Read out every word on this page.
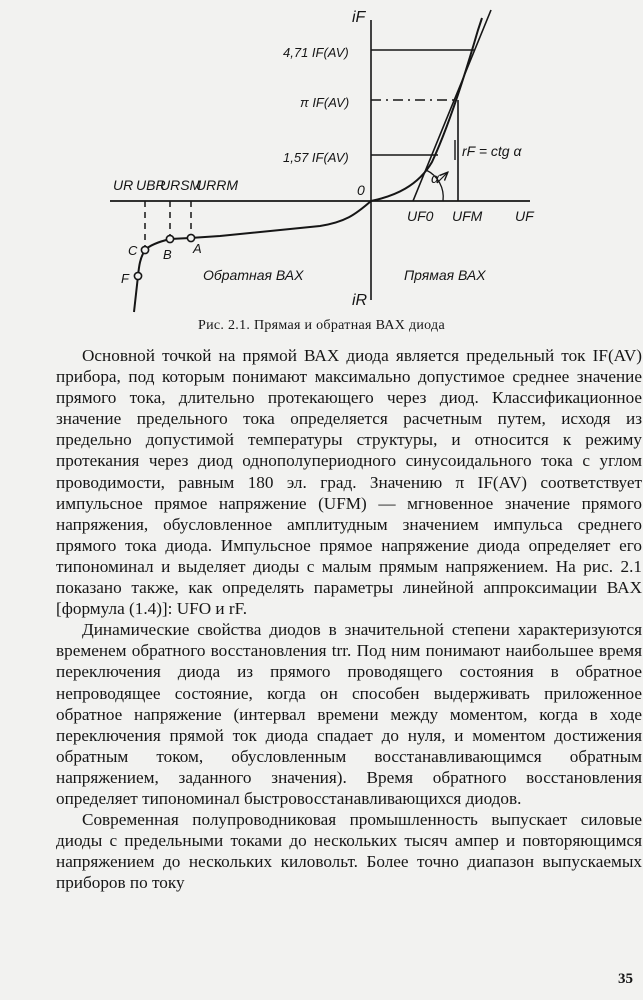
iF
iR
UR UBR
URSM
URRM	0
UF0 UFM UF
4,71 IF(AV)
π IF(AV)
1,57 IF(AV)	rF = ctg α
α
A
B
C
F	Обратная ВАХ	Прямая ВАХ
Рис. 2.1. Прямая и обратная ВАХ диода

Основной точкой на прямой ВАХ диода является предельный ток IF(AV) прибора, под которым понимают максимально допустимое среднее значение прямого тока, длительно протекающего через диод. Классификационное значение предельного тока определяется расчетным путем, исходя из предельно допустимой температуры структуры, и относится к режиму протекания через диод однополупериодного синусоидального тока с углом проводимости, равным 180 эл. град. Значению π IF(AV) соответствует импульсное прямое напряжение (UFM) — мгновенное значение прямого напряжения, обусловленное амплитудным значением импульса среднего прямого тока диода. Импульсное прямое напряжение диода определяет его типономинал и выделяет диоды с малым прямым напряжением. На рис. 2.1 показано также, как определять параметры линейной аппроксимации ВАХ [формула (1.4)]: UFO и rF.

Динамические свойства диодов в значительной степени характеризуются временем обратного восстановления trr. Под ним понимают наибольшее время переключения диода из прямого проводящего состояния в обратное непроводящее состояние, когда он способен выдерживать приложенное обратное напряжение (интервал времени между моментом, когда в ходе переключения прямой ток диода спадает до нуля, и моментом достижения обратным током, обусловленным восстанавливающимся обратным напряжением, заданного значения). Время обратного восстановления определяет типономинал быстровосстанавливающихся диодов.

Современная полупроводниковая промышленность выпускает силовые диоды с предельными токами до нескольких тысяч ампер и повторяющимся напряжением до нескольких киловольт. Более точно диапазон выпускаемых приборов по току

35
